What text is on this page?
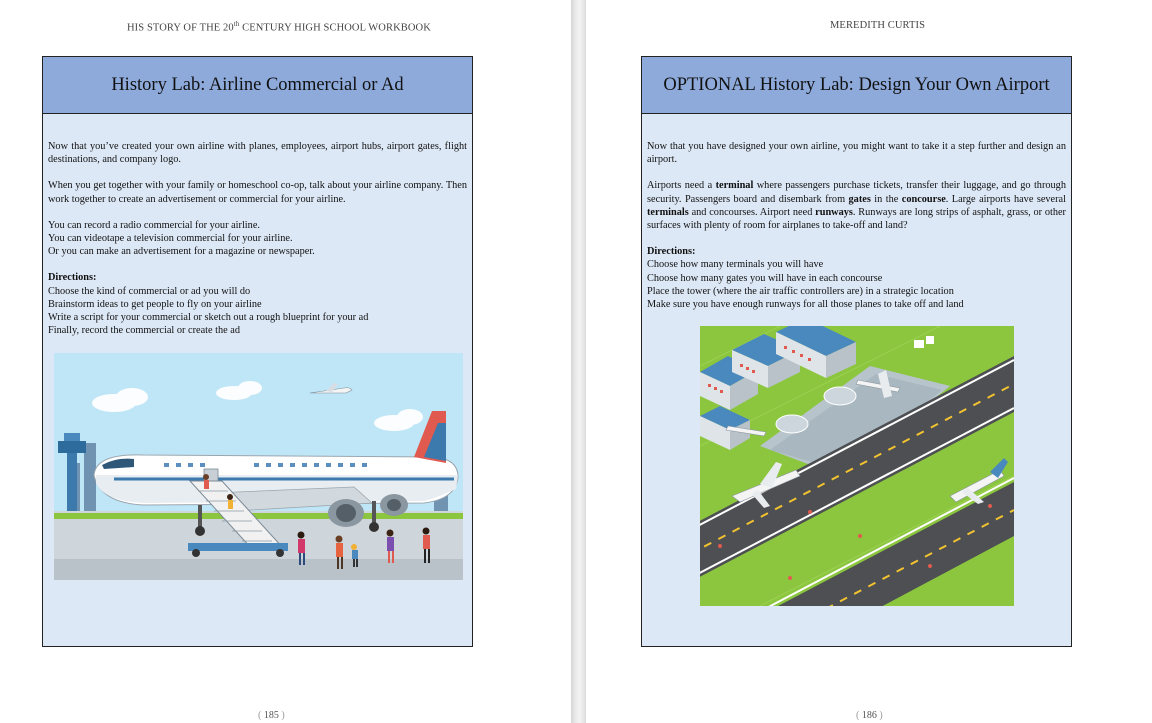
HIS STORY OF THE 20th CENTURY HIGH SCHOOL WORKBOOK
History Lab: Airline Commercial or Ad

Now that you’ve created your own airline with planes, employees, airport hubs, airport gates, flight destinations, and company logo.

When you get together with your family or homeschool co-op, talk about your airline company. Then work together to create an advertisement or commercial for your airline.

You can record a radio commercial for your airline.
You can videotape a television commercial for your airline.
Or you can make an advertisement for a magazine or newspaper.

Directions:
Choose the kind of commercial or ad you will do
Brainstorm ideas to get people to fly on your airline
Write a script for your commercial or sketch out a rough blueprint for your ad
Finally, record the commercial or create the ad

( 185 )
MEREDITH CURTIS
OPTIONAL History Lab: Design Your Own Airport

Now that you have designed your own airline, you might want to take it a step further and design an airport.

Airports need a terminal where passengers purchase tickets, transfer their luggage, and go through security. Passengers board and disembark from gates in the concourse. Large airports have several terminals and concourses. Airport need runways. Runways are long strips of asphalt, grass, or other surfaces with plenty of room for airplanes to take-off and land?

Directions:
Choose how many terminals you will have
Choose how many gates you will have in each concourse
Place the tower (where the air traffic controllers are) in a strategic location
Make sure you have enough runways for all those planes to take off and land

( 186 )
